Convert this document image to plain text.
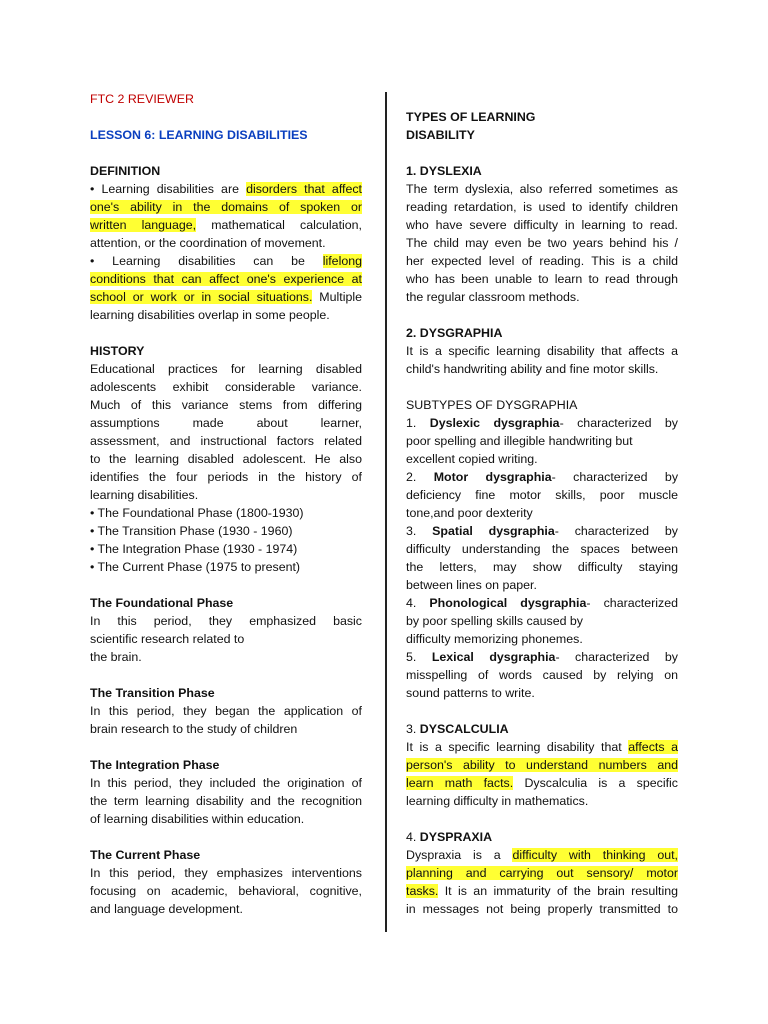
FTC 2 REVIEWER
LESSON 6: LEARNING DISABILITIES
DEFINITION
• Learning disabilities are disorders that affect
one's ability in the domains of spoken or
written language, mathematical calculation,
attention, or the coordination of movement.
• Learning disabilities can be lifelong
conditions that can affect one's experience at
school or work or in social situations. Multiple
learning disabilities overlap in some people.
HISTORY
Educational practices for learning disabled
adolescents exhibit considerable variance.
Much of this variance stems from differing
assumptions made about learner,
assessment, and instructional factors related
to the learning disabled adolescent. He also
identifies the four periods in the history of
learning disabilities.
• The Foundational Phase (1800-1930)
• The Transition Phase (1930 - 1960)
• The Integration Phase (1930 - 1974)
• The Current Phase (1975 to present)
The Foundational Phase
In this period, they emphasized basic
scientific research related to
the brain.
The Transition Phase
In this period, they began the application of
brain research to the study of children
The Integration Phase
In this period, they included the origination of
the term learning disability and the recognition
of learning disabilities within education.
The Current Phase
In this period, they emphasizes interventions
focusing on academic, behavioral, cognitive,
and language development.
TYPES OF LEARNING
DISABILITY
1. DYSLEXIA
The term dyslexia, also referred sometimes as
reading retardation, is used to identify children
who have severe difficulty in learning to read.
The child may even be two years behind his /
her expected level of reading. This is a child
who has been unable to learn to read through
the regular classroom methods.
2. DYSGRAPHIA
It is a specific learning disability that affects a
child's handwriting ability and fine motor skills.
SUBTYPES OF DYSGRAPHIA
1. Dyslexic dysgraphia- characterized by
poor spelling and illegible handwriting but
excellent copied writing.
2. Motor dysgraphia- characterized by
deficiency fine motor skills, poor muscle
tone,and poor dexterity
3. Spatial dysgraphia- characterized by
difficulty understanding the spaces between
the letters, may show difficulty staying
between lines on paper.
4. Phonological dysgraphia- characterized
by poor spelling skills caused by
difficulty memorizing phonemes.
5. Lexical dysgraphia- characterized by
misspelling of words caused by relying on
sound patterns to write.
3. DYSCALCULIA
It is a specific learning disability that affects a
person's ability to understand numbers and
learn math facts. Dyscalculia is a specific
learning difficulty in mathematics.
4. DYSPRAXIA
Dyspraxia is a difficulty with thinking out,
planning and carrying out sensory/ motor
tasks. It is an immaturity of the brain resulting
in messages not being properly transmitted to
